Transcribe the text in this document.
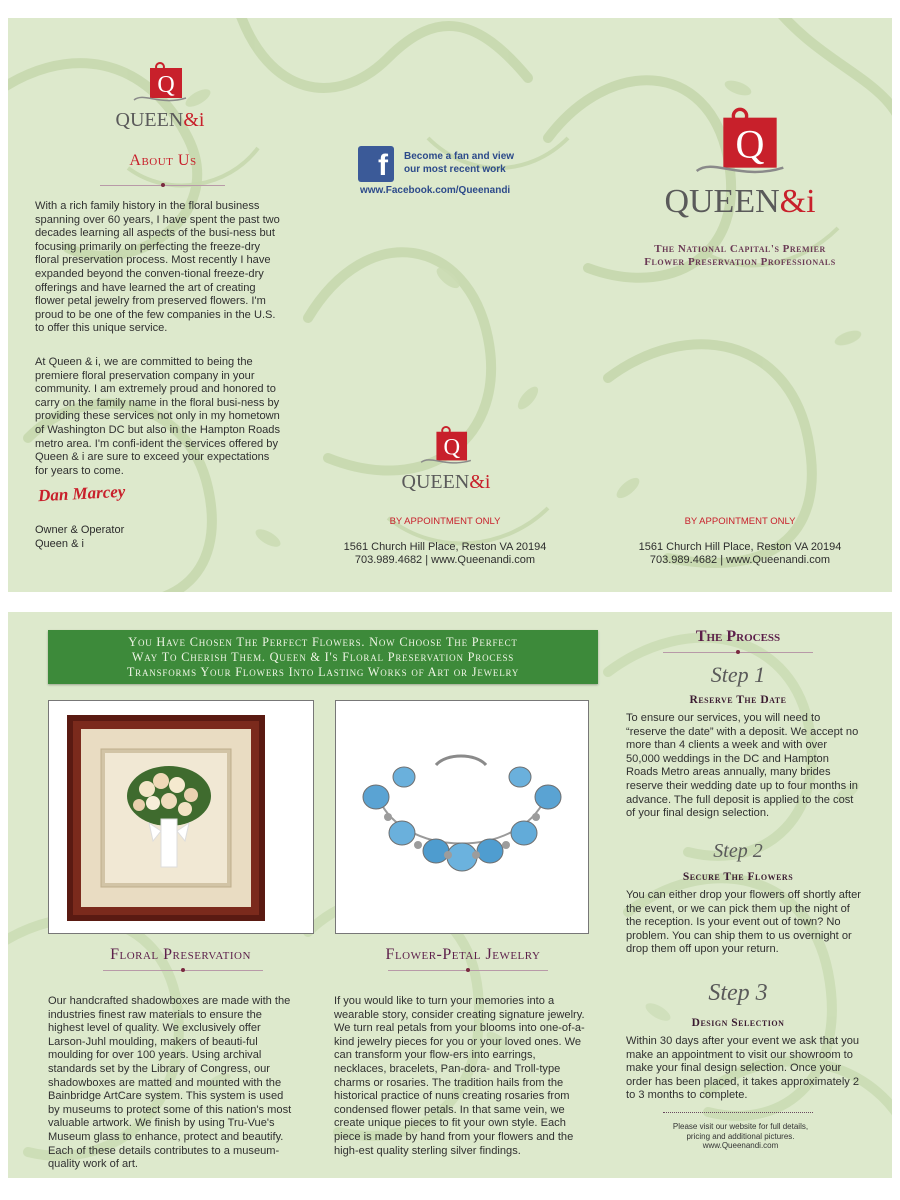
Q
QUEEN&i
About Us

With a rich family history in the floral business spanning over 60 years, I have spent the past two decades learning all aspects of the busi-ness but focusing primarily on perfecting the freeze-dry floral preservation process. Most recently I have expanded beyond the conven-tional freeze-dry offerings and have learned the art of creating flower petal jewelry from preserved flowers. I'm proud to be one of the few companies in the U.S. to offer this unique service.

At Queen & i, we are committed to being the premiere floral preservation company in your community. I am extremely proud and honored to carry on the family name in the floral busi-ness by providing these services not only in my hometown of Washington DC but also in the Hampton Roads metro area. I'm confi-ident the services offered by Queen & i are sure to exceed your expectations for years to come.

Dan Marcey
Owner & Operator
Queen & i
f	Become a fan and view
our most recent work
www.Facebook.com/Queenandi
Q
QUEEN&i
Q
QUEEN&i
The National Capital's Premier
Flower Preservation Professionals
BY APPOINTMENT ONLY
1561 Church Hill Place, Reston VA 20194
703.989.4682 | www.Queenandi.com
BY APPOINTMENT ONLY
1561 Church Hill Place, Reston VA 20194
703.989.4682 | www.Queenandi.com
You Have Chosen The Perfect Flowers. Now Choose The Perfect
Way To Cherish Them. Queen & I's Floral Preservation Process
Transforms Your Flowers Into Lasting Works of Art or Jewelry
Floral Preservation

Our handcrafted shadowboxes are made with the industries finest raw materials to ensure the highest level of quality. We exclusively offer Larson-Juhl moulding, makers of beauti-ful moulding for over 100 years. Using archival standards set by the Library of Congress, our shadowboxes are matted and mounted with the Bainbridge ArtCare system. This system is used by museums to protect some of this nation's most valuable artwork. We finish by using Tru-Vue's Museum glass to enhance, protect and beautify. Each of these details contributes to a museum-quality work of art.

Flower-Petal Jewelry

If you would like to turn your memories into a wearable story, consider creating signature jewelry. We turn real petals from your blooms into one-of-a-kind jewelry pieces for you or your loved ones. We can transform your flow-ers into earrings, necklaces, bracelets, Pan-dora- and Troll-type charms or rosaries. The tradition hails from the historical practice of nuns creating rosaries from condensed flower petals. In that same vein, we create unique pieces to fit your own style. Each piece is made by hand from your flowers and the high-est quality sterling silver findings.

The Process
Step 1
Reserve The Date

To ensure our services, you will need to “reserve the date” with a deposit. We accept no more than 4 clients a week and with over 50,000 weddings in the DC and Hampton Roads Metro areas annually, many brides reserve their wedding date up to four months in advance. The full deposit is applied to the cost of your final design selection.

Step 2
Secure The Flowers

You can either drop your flowers off shortly after the event, or we can pick them up the night of the reception. Is your event out of town? No problem. You can ship them to us overnight or drop them off upon your return.

Step 3
Design Selection

Within 30 days after your event we ask that you make an appointment to visit our showroom to make your final design selection. Once your order has been placed, it takes approximately 2 to 3 months to complete.

Please visit our website for full details,
pricing and additional pictures.
www.Queenandi.com
